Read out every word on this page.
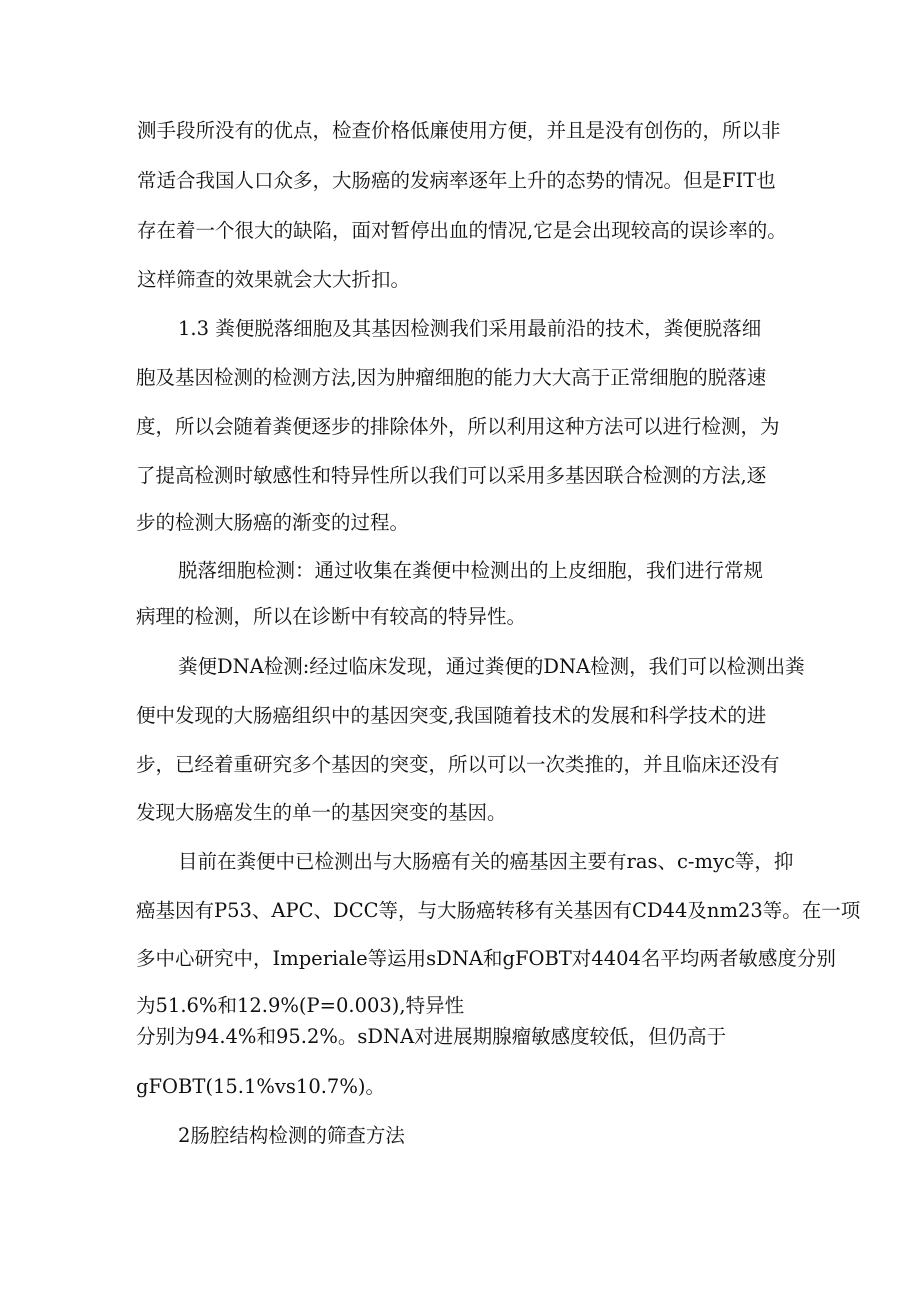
测手段所没有的优点，检查价格低廉使用方便，并且是没有创伤的，所以非
常适合我国人口众多，大肠癌的发病率逐年上升的态势的情况。但是FIT也
存在着一个很大的缺陷，面对暂停出血的情况,它是会出现较高的误诊率的。
这样筛查的效果就会大大折扣。
1.3 粪便脱落细胞及其基因检测我们采用最前沿的技术，粪便脱落细
胞及基因检测的检测方法,因为肿瘤细胞的能力大大高于正常细胞的脱落速
度，所以会随着粪便逐步的排除体外，所以利用这种方法可以进行检测，为
了提高检测时敏感性和特异性所以我们可以采用多基因联合检测的方法,逐
步的检测大肠癌的渐变的过程。
脱落细胞检测：通过收集在粪便中检测出的上皮细胞，我们进行常规
病理的检测，所以在诊断中有较高的特异性。
粪便DNA检测:经过临床发现，通过粪便的DNA检测，我们可以检测出粪
便中发现的大肠癌组织中的基因突变,我国随着技术的发展和科学技术的进
步，已经着重研究多个基因的突变，所以可以一次类推的，并且临床还没有
发现大肠癌发生的单一的基因突变的基因。
目前在粪便中已检测出与大肠癌有关的癌基因主要有ras、c-myc等，抑
癌基因有P53、APC、DCC等，与大肠癌转移有关基因有CD44及nm23等。在一项
多中心研究中，Imperiale等运用sDNA和gFOBT对4404名平均两者敏感度分别
为51.6%和12.9%(P=0.003),特异性
分别为94.4%和95.2%。sDNA对进展期腺瘤敏感度较低，但仍高于
gFOBT(15.1%vs10.7%)。
2肠腔结构检测的筛查方法
